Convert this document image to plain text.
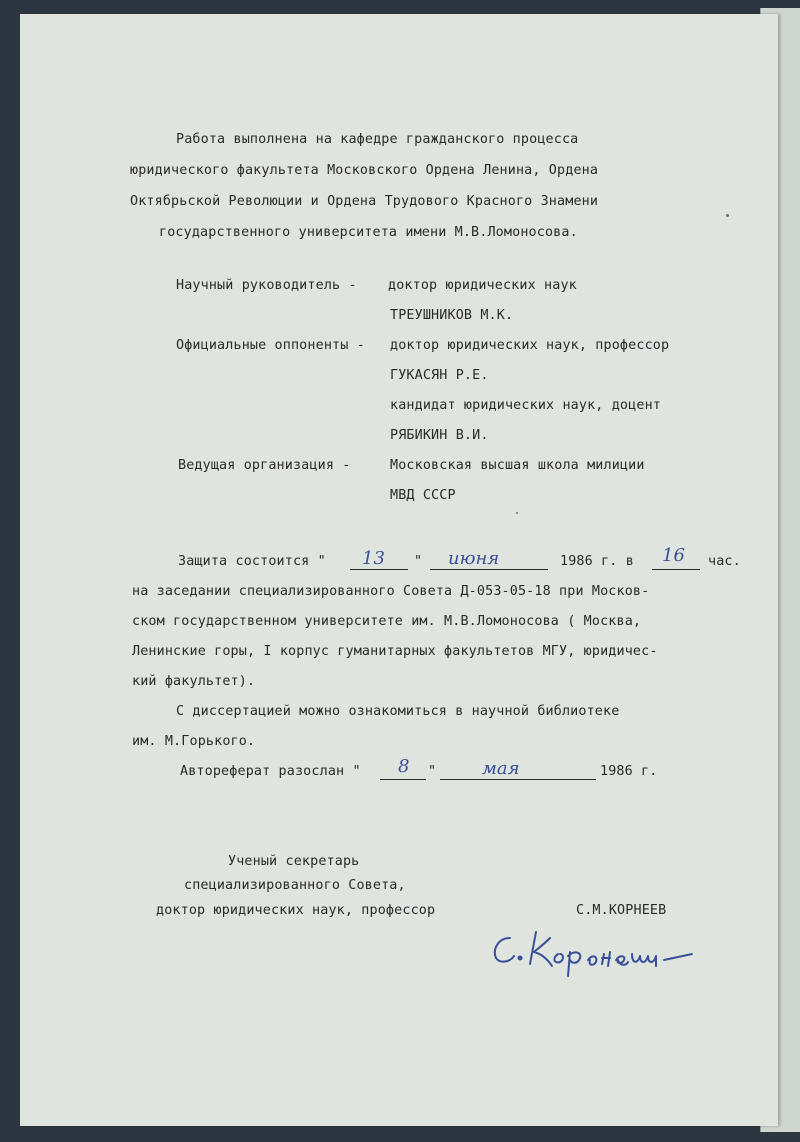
Работа выполнена на кафедре гражданского процесса
юридического факультета Московского Ордена Ленина, Ордена
Октябрьской Революции и Ордена Трудового Красного Знамени
государственного университета имени М.В.Ломоносова.
Научный руководитель - доктор юридических наук
ТРЕУШНИКОВ М.К.
Официальные оппоненты - доктор юридических наук, профессор
ГУКАСЯН Р.Е.
кандидат юридических наук, доцент
РЯБИКИН В.И.
Ведущая организация -	Московская высшая школа милиции
МВД СССР
Защита состоится " 13 " июня	1986 г. в 16 час.
на заседании специализированного Совета Д-053-05-18 при Москов-
ском государственном университете им. М.В.Ломоносова ( Москва,
Ленинские горы, I корпус гуманитарных факультетов МГУ, юридичес-
кий факультет).
С диссертацией можно ознакомиться в научной библиотеке
им. М.Горького.
Автореферат разослан " 8 "	мая	1986 г.
Ученый секретарь
специализированного Совета,
доктор юридических наук, профессор	С.М.КОРНЕЕВ
